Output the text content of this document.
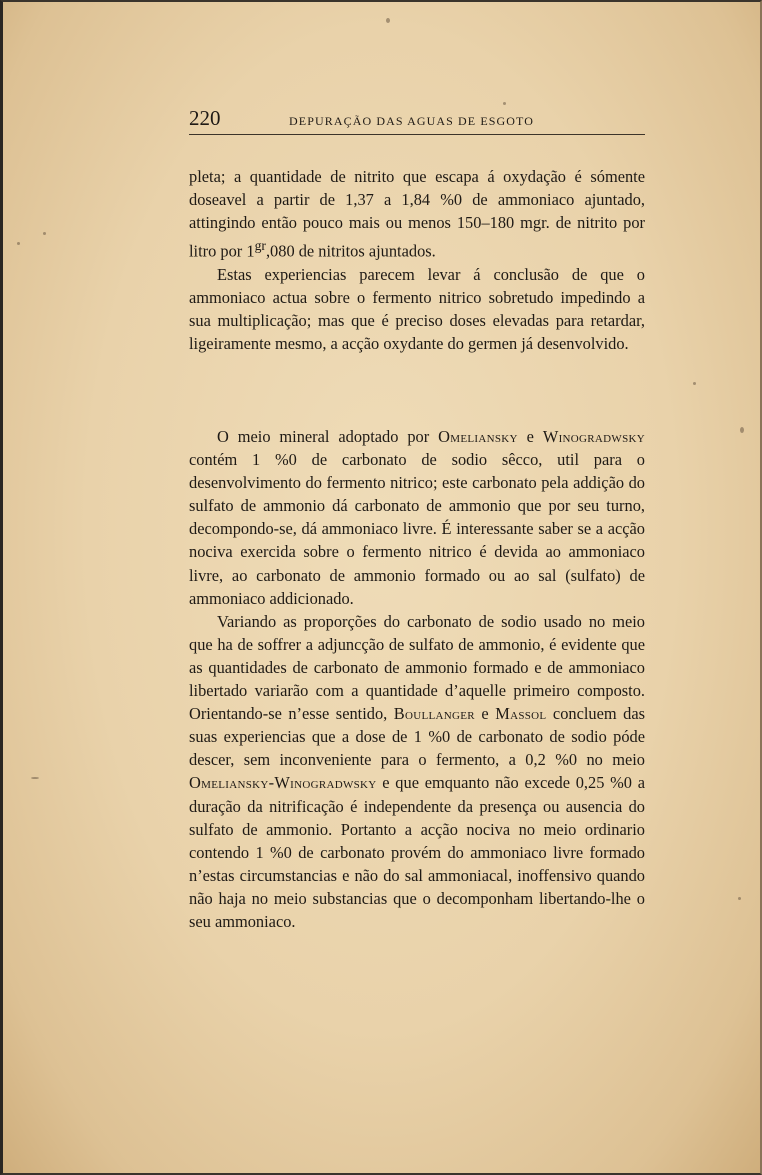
220	DEPURAÇÃO DAS AGUAS DE ESGOTO

pleta; a quantidade de nitrito que escapa á oxydação é sómente doseavel a partir de 1,37 a 1,84 %0 de ammoniaco ajuntado, attingindo então pouco mais ou menos 150–180 mgr. de nitrito por litro por $1^{gr},080$ de nitritos ajuntados.

Estas experiencias parecem levar á conclusão de que o ammoniaco actua sobre o fermento nitrico sobretudo impedindo a sua multiplicação; mas que é preciso doses elevadas para retardar, ligeiramente mesmo, a acção oxydante do germen já desenvolvido.

O meio mineral adoptado por Omeliansky e Winogradwsky contém 1 %0 de carbonato de sodio sêcco, util para o desenvolvimento do fermento nitrico; este carbonato pela addição do sulfato de ammonio dá carbonato de ammonio que por seu turno, decompondo-se, dá ammoniaco livre. É interessante saber se a acção nociva exercida sobre o fermento nitrico é devida ao ammoniaco livre, ao carbonato de ammonio formado ou ao sal (sulfato) de ammoniaco addicionado.

Variando as proporções do carbonato de sodio usado no meio que ha de soffrer a adjuncção de sulfato de ammonio, é evidente que as quantidades de carbonato de ammonio formado e de ammoniaco libertado variarão com a quantidade d’aquelle primeiro composto. Orientando-se n’esse sentido, Boullanger e Massol concluem das suas experiencias que a dose de 1 %0 de carbonato de sodio póde descer, sem inconveniente para o fermento, a 0,2 %0 no meio Omeliansky-Winogradwsky e que emquanto não excede 0,25 %0 a duração da nitrificação é independente da presença ou ausencia do sulfato de ammonio. Portanto a acção nociva no meio ordinario contendo 1 %0 de carbonato provém do ammoniaco livre formado n’estas circumstancias e não do sal ammoniacal, inoffensivo quando não haja no meio substancias que o decomponham libertando-lhe o seu ammoniaco.
